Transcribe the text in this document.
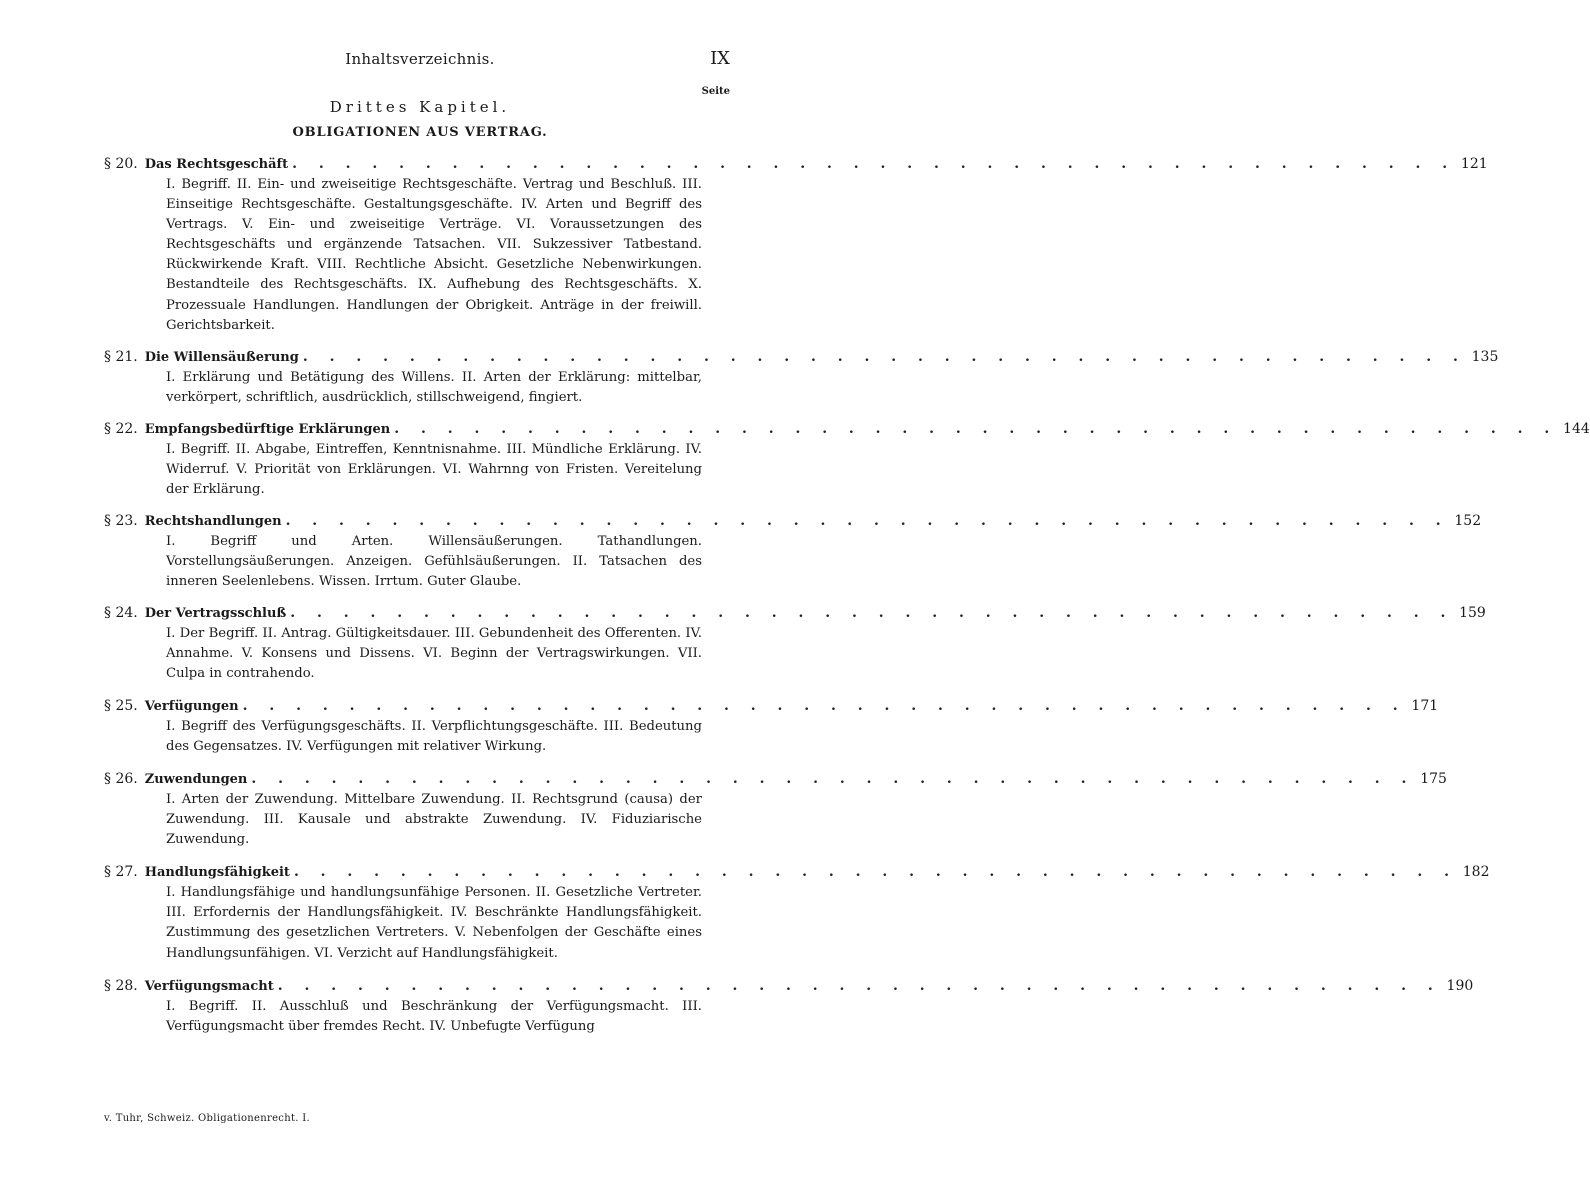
Inhaltsverzeichnis.	IX
Seite
Drittes Kapitel.
OBLIGATIONEN AUS VERTRAG.
§ 20. Das Rechtsgeschäft . . . . . . . . . . . . . . . . . . . . . . . . . . . . . . . . . . . . . . . . . . . . 121
I. Begriff. II. Ein- und zweiseitige Rechtsgeschäfte. Vertrag und Beschluß. III. Einseitige Rechtsgeschäfte. Gestaltungsgeschäfte. IV. Arten und Begriff des Vertrags. V. Ein- und zweiseitige Verträge. VI. Voraussetzungen des Rechtsgeschäfts und ergänzende Tatsachen. VII. Sukzessiver Tatbestand. Rückwirkende Kraft. VIII. Rechtliche Absicht. Gesetzliche Nebenwirkungen. Bestandteile des Rechtsgeschäfts. IX. Aufhebung des Rechtsgeschäfts. X. Prozessuale Handlungen. Handlungen der Obrigkeit. Anträge in der freiwill. Gerichtsbarkeit.
§ 21. Die Willensäußerung . . . . . . . . . . . . . . . . . . . . . . . . . . . . . . . . . . . . . . . . . . . . 135
I. Erklärung und Betätigung des Willens. II. Arten der Erklärung: mittelbar, verkörpert, schriftlich, ausdrücklich, stillschweigend, fingiert.
§ 22. Empfangsbedürftige Erklärungen . . . . . . . . . . . . . . . . . . . . . . . . . . . . . . . . . . . . . . . . . . . . 144
I. Begriff. II. Abgabe, Eintreffen, Kenntnisnahme. III. Mündliche Erklärung. IV. Widerruf. V. Priorität von Erklärungen. VI. Wahrnng von Fristen. Vereitelung der Erklärung.
§ 23. Rechtshandlungen . . . . . . . . . . . . . . . . . . . . . . . . . . . . . . . . . . . . . . . . . . . . 152
I. Begriff und Arten. Willensäußerungen. Tathandlungen. Vorstellungsäußerungen. Anzeigen. Gefühlsäußerungen. II. Tatsachen des inneren Seelenlebens. Wissen. Irrtum. Guter Glaube.
§ 24. Der Vertragsschluß . . . . . . . . . . . . . . . . . . . . . . . . . . . . . . . . . . . . . . . . . . . . 159
I. Der Begriff. II. Antrag. Gültigkeitsdauer. III. Gebundenheit des Offerenten. IV. Annahme. V. Konsens und Dissens. VI. Beginn der Vertragswirkungen. VII. Culpa in contrahendo.
§ 25. Verfügungen . . . . . . . . . . . . . . . . . . . . . . . . . . . . . . . . . . . . . . . . . . . . 171
I. Begriff des Verfügungsgeschäfts. II. Verpflichtungsgeschäfte. III. Bedeutung des Gegensatzes. IV. Verfügungen mit relativer Wirkung.
§ 26. Zuwendungen . . . . . . . . . . . . . . . . . . . . . . . . . . . . . . . . . . . . . . . . . . . . 175
I. Arten der Zuwendung. Mittelbare Zuwendung. II. Rechtsgrund (causa) der Zuwendung. III. Kausale und abstrakte Zuwendung. IV. Fiduziarische Zuwendung.
§ 27. Handlungsfähigkeit . . . . . . . . . . . . . . . . . . . . . . . . . . . . . . . . . . . . . . . . . . . . 182
I. Handlungsfähige und handlungsunfähige Personen. II. Gesetzliche Vertreter. III. Erfordernis der Handlungsfähigkeit. IV. Beschränkte Handlungsfähigkeit. Zustimmung des gesetzlichen Vertreters. V. Nebenfolgen der Geschäfte eines Handlungsunfähigen. VI. Verzicht auf Handlungsfähigkeit.
§ 28. Verfügungsmacht . . . . . . . . . . . . . . . . . . . . . . . . . . . . . . . . . . . . . . . . . . . . 190
I. Begriff. II. Ausschluß und Beschränkung der Verfügungsmacht. III. Verfügungsmacht über fremdes Recht. IV. Unbefugte Verfügung
v. Tuhr, Schweiz. Obligationenrecht. I.
